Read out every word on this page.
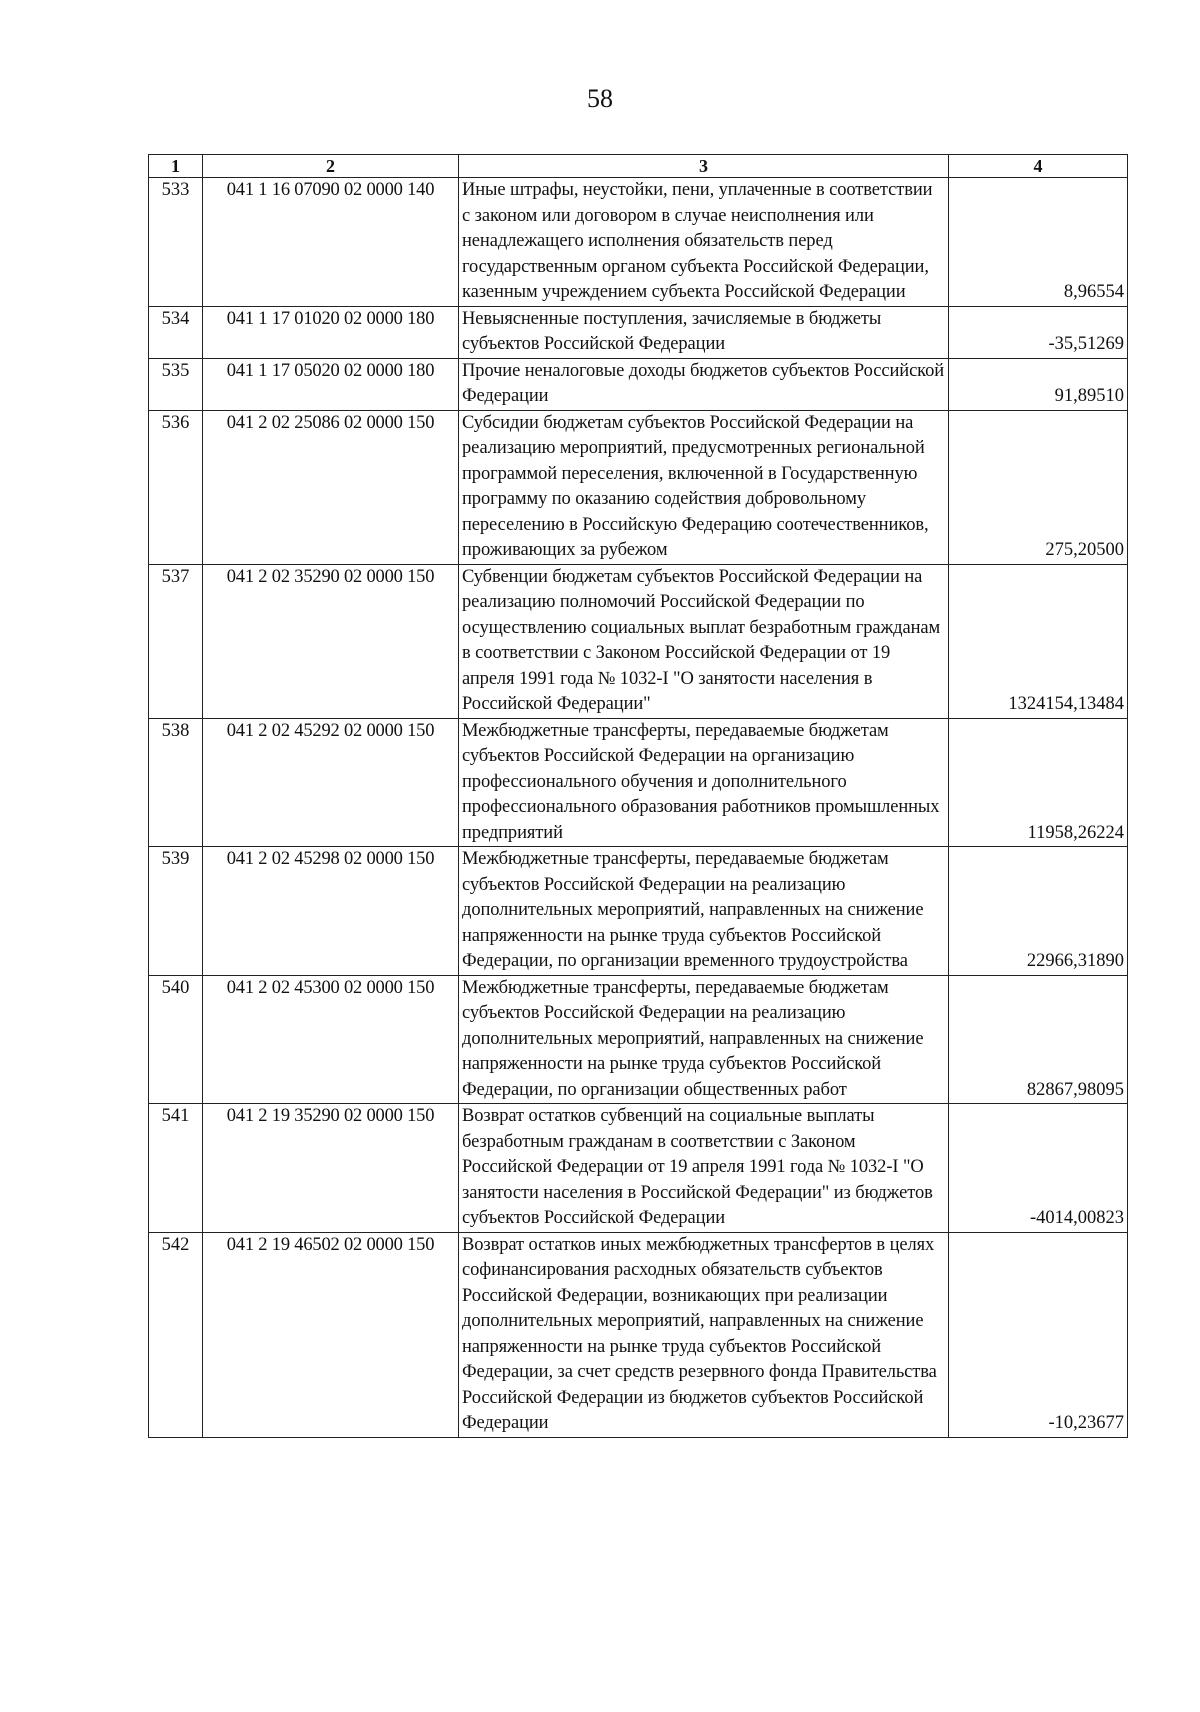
58
1	2	3	4
533	041 1 16 07090 02 0000 140	Иные штрафы, неустойки, пени, уплаченные в соответствии с законом или договором в случае неисполнения или ненадлежащего исполнения обязательств перед государственным органом субъекта Российской Федерации, казенным учреждением субъекта Российской Федерации	8,96554
534	041 1 17 01020 02 0000 180	Невыясненные поступления, зачисляемые в бюджеты субъектов Российской Федерации	-35,51269
535	041 1 17 05020 02 0000 180	Прочие неналоговые доходы бюджетов субъектов Российской Федерации	91,89510
536	041 2 02 25086 02 0000 150	Субсидии бюджетам субъектов Российской Федерации на реализацию мероприятий, предусмотренных региональной программой переселения, включенной в Государственную программу по оказанию содействия добровольному переселению в Российскую Федерацию соотечественников, проживающих за рубежом	275,20500
537	041 2 02 35290 02 0000 150	Субвенции бюджетам субъектов Российской Федерации на реализацию полномочий Российской Федерации по осуществлению социальных выплат безработным гражданам в соответствии с Законом Российской Федерации от 19 апреля 1991 года № 1032-I "О занятости населения в Российской Федерации"	1324154,13484
538	041 2 02 45292 02 0000 150	Межбюджетные трансферты, передаваемые бюджетам субъектов Российской Федерации на организацию профессионального обучения и дополнительного профессионального образования работников промышленных предприятий	11958,26224
539	041 2 02 45298 02 0000 150	Межбюджетные трансферты, передаваемые бюджетам субъектов Российской Федерации на реализацию дополнительных мероприятий, направленных на снижение напряженности на рынке труда субъектов Российской Федерации, по организации временного трудоустройства	22966,31890
540	041 2 02 45300 02 0000 150	Межбюджетные трансферты, передаваемые бюджетам субъектов Российской Федерации на реализацию дополнительных мероприятий, направленных на снижение напряженности на рынке труда субъектов Российской Федерации, по организации общественных работ	82867,98095
541	041 2 19 35290 02 0000 150	Возврат остатков субвенций на социальные выплаты безработным гражданам в соответствии с Законом Российской Федерации от 19 апреля 1991 года № 1032-I "О занятости населения в Российской Федерации" из бюджетов субъектов Российской Федерации	-4014,00823
542	041 2 19 46502 02 0000 150	Возврат остатков иных межбюджетных трансфертов в целях софинансирования расходных обязательств субъектов Российской Федерации, возникающих при реализации дополнительных мероприятий, направленных на снижение напряженности на рынке труда субъектов Российской Федерации, за счет средств резервного фонда Правительства Российской Федерации из бюджетов субъектов Российской Федерации	-10,23677
